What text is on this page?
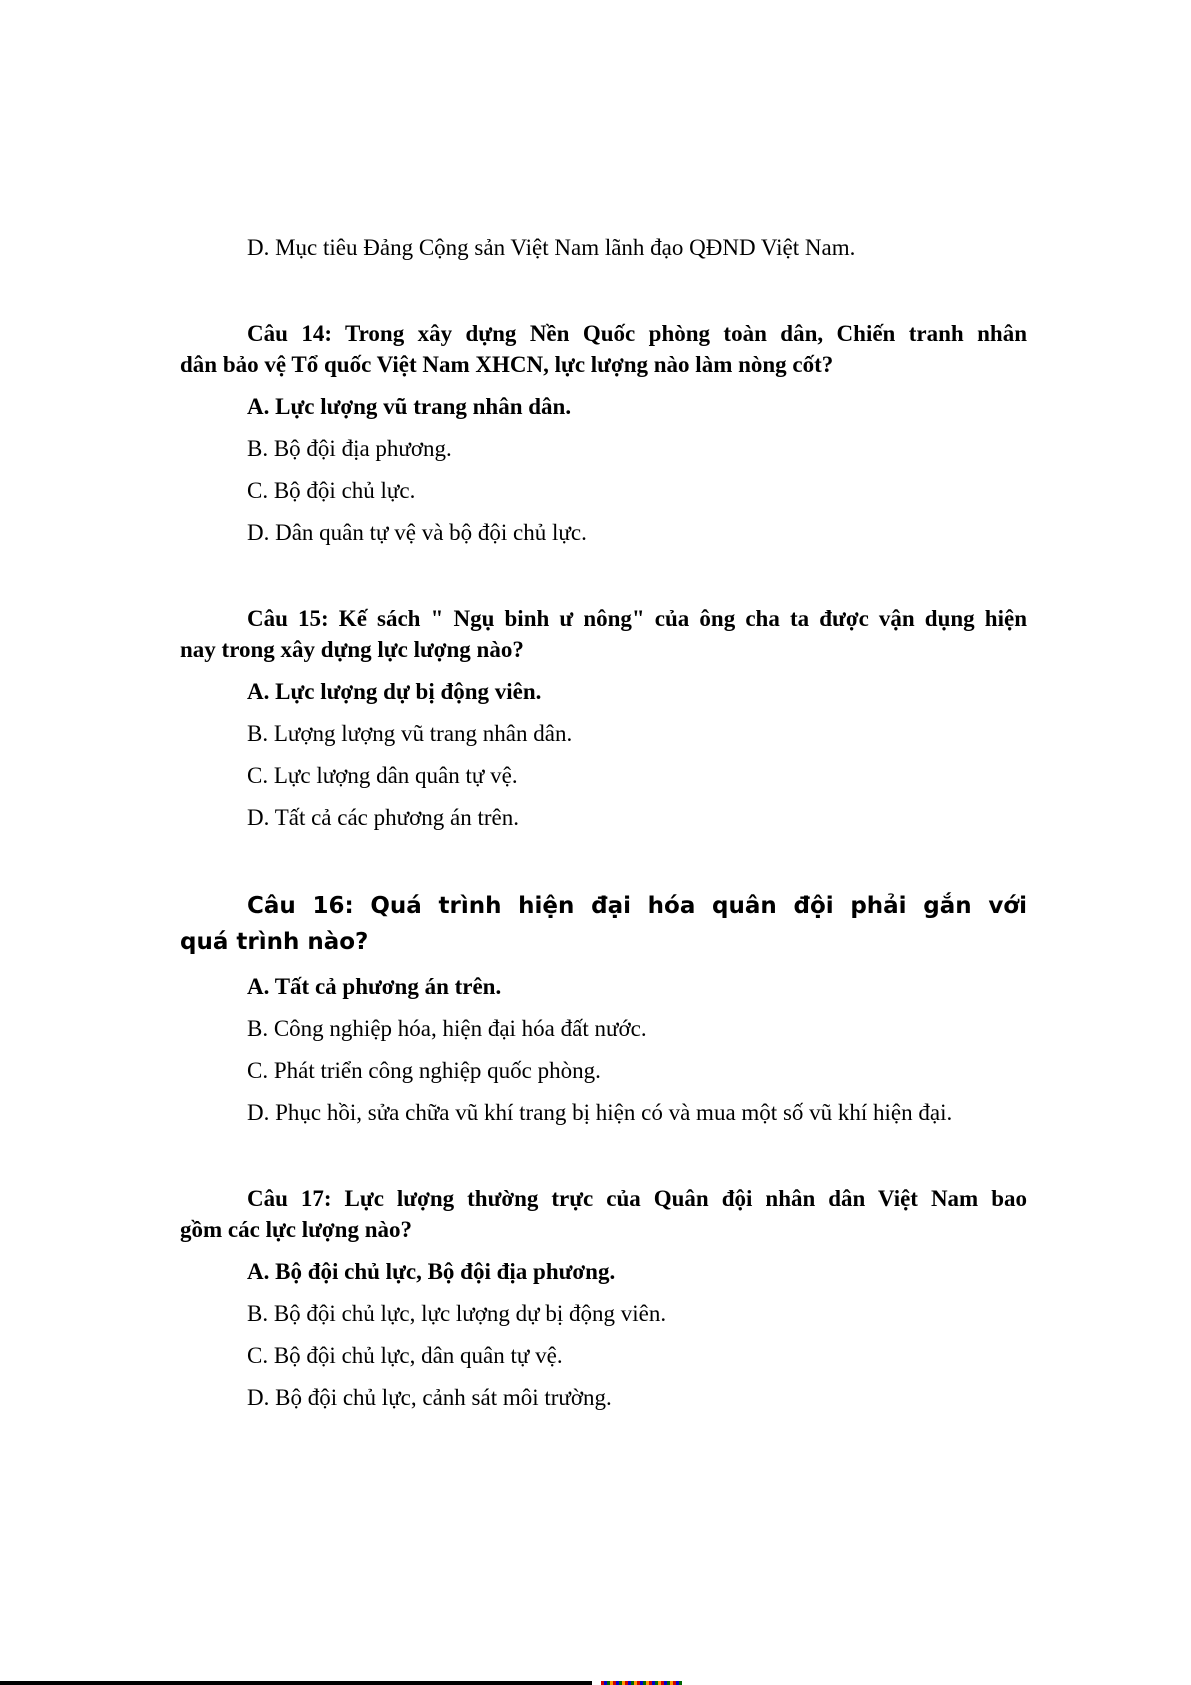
D. Mục tiêu Đảng Cộng sản Việt Nam lãnh đạo QĐND Việt Nam.
Câu 14: Trong xây dựng Nền Quốc phòng toàn dân, Chiến tranh nhân
dân bảo vệ Tổ quốc Việt Nam XHCN, lực lượng nào làm nòng cốt?
A. Lực lượng vũ trang nhân dân.
B. Bộ đội địa phương.
C. Bộ đội chủ lực.
D. Dân quân tự vệ và bộ đội chủ lực.
Câu 15: Kế sách " Ngụ binh ư nông" của ông cha ta được vận dụng hiện
nay trong xây dựng lực lượng nào?
A. Lực lượng dự bị động viên.
B. Lượng lượng vũ trang nhân dân.
C. Lực lượng dân quân tự vệ.
D. Tất cả các phương án trên.
Câu 16: Quá trình hiện đại hóa quân đội phải gắn với
quá trình nào?
A. Tất cả phương án trên.
B. Công nghiệp hóa, hiện đại hóa đất nước.
C. Phát triển công nghiệp quốc phòng.
D. Phục hồi, sửa chữa vũ khí trang bị hiện có và mua một số vũ khí hiện đại.
Câu 17: Lực lượng thường trực của Quân đội nhân dân Việt Nam bao
gồm các lực lượng nào?
A. Bộ đội chủ lực, Bộ đội địa phương.
B. Bộ đội chủ lực, lực lượng dự bị động viên.
C. Bộ đội chủ lực, dân quân tự vệ.
D. Bộ đội chủ lực, cảnh sát môi trường.
